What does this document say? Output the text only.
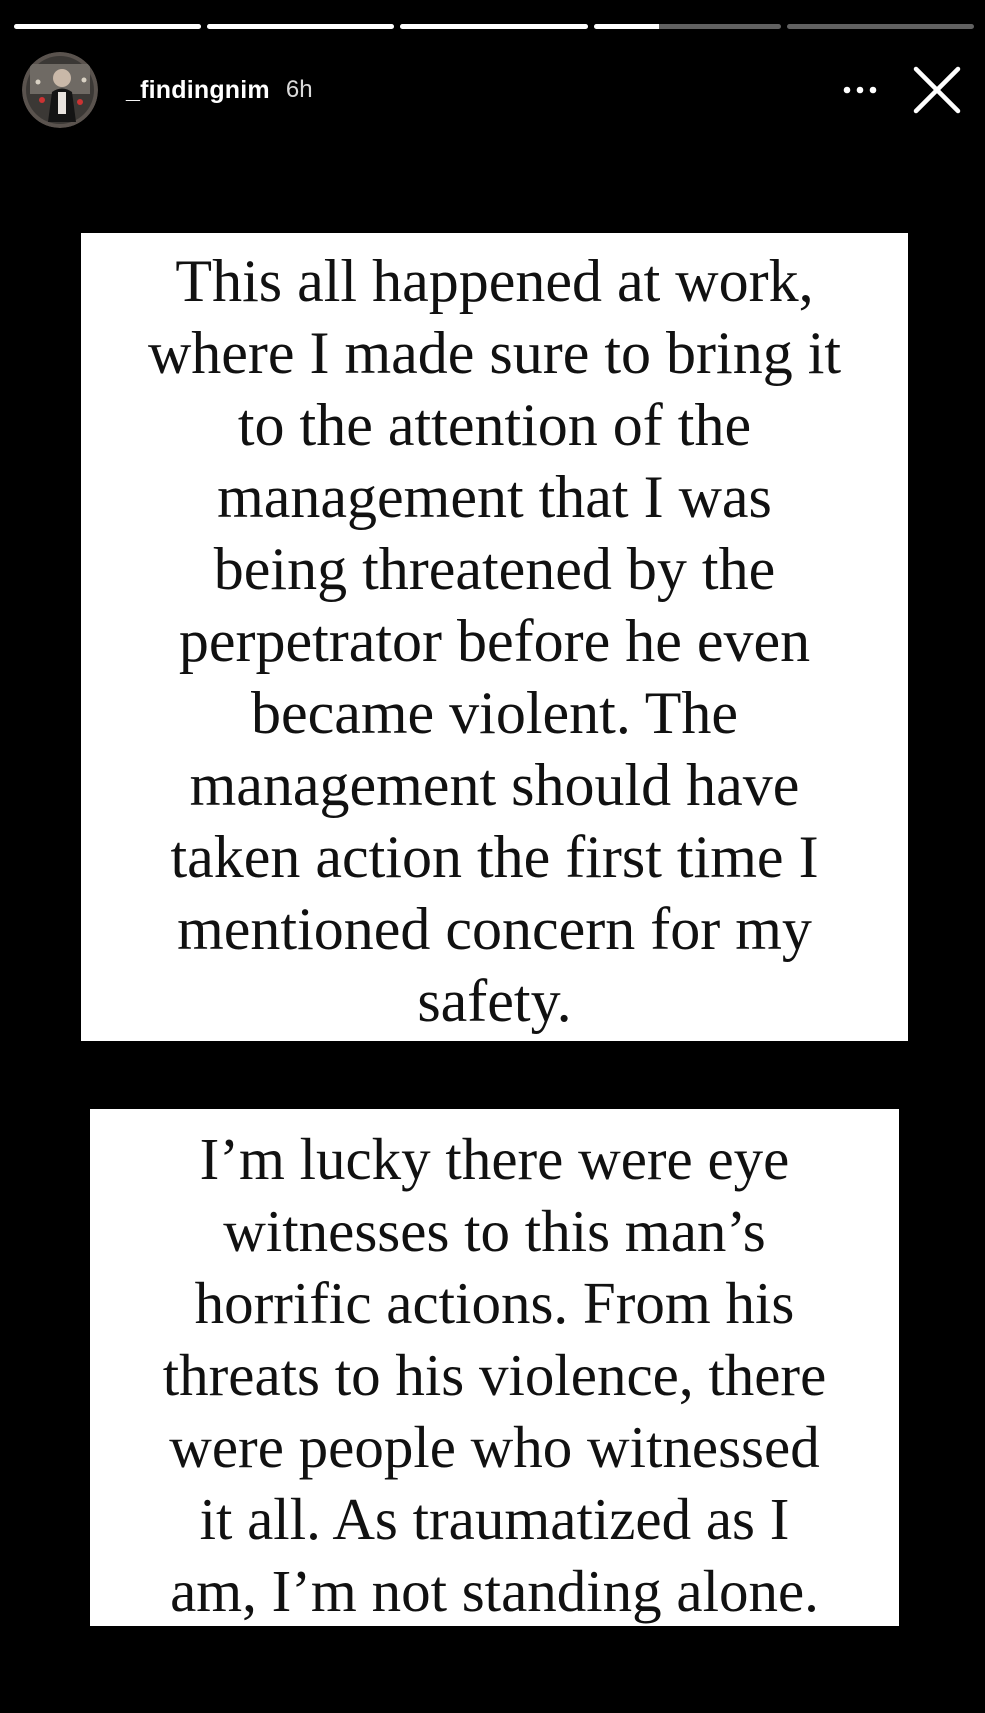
_findingnim 6h
This all happened at work,
where I made sure to bring it
to the attention of the
management that I was
being threatened by the
perpetrator before he even
became violent. The
management should have
taken action the first time I
mentioned concern for my
safety.
I’m lucky there were eye
witnesses to this man’s
horrific actions. From his
threats to his violence, there
were people who witnessed
it all. As traumatized as I
am, I’m not standing alone.
